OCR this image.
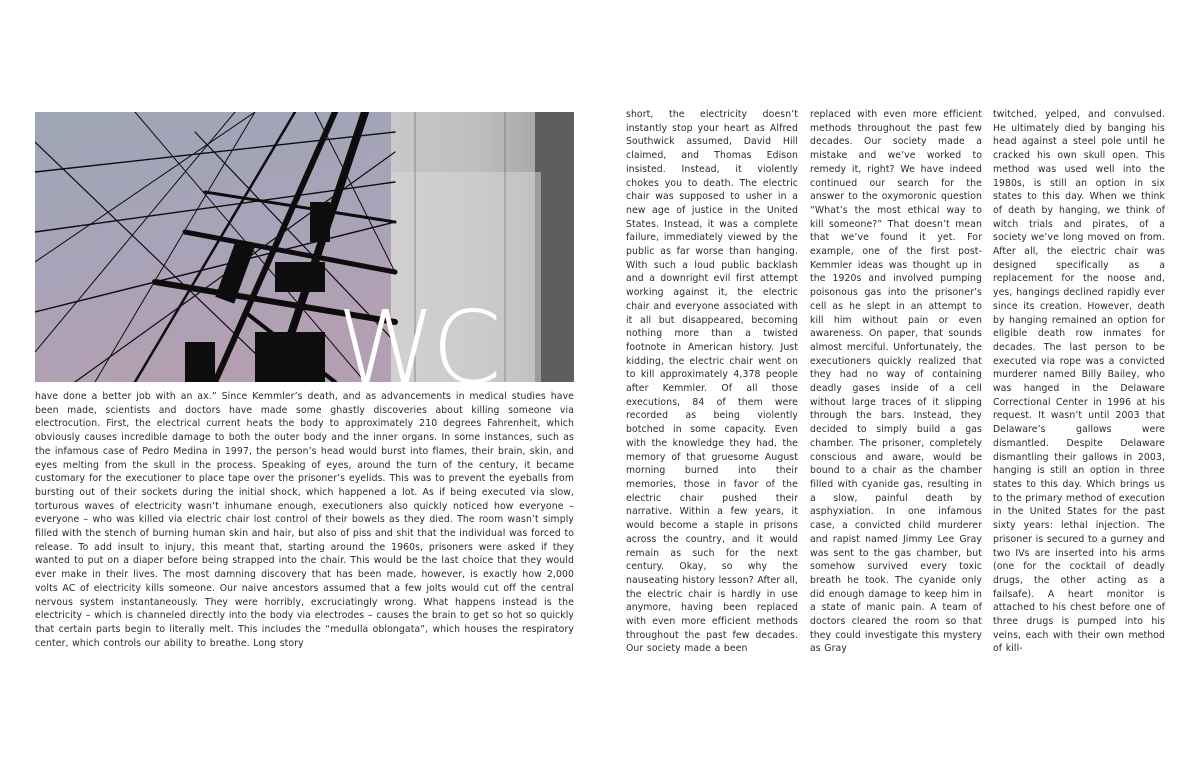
WC
have done a better job with an ax.” Since Kemmler’s death, and as advancements in medical studies have been made, scientists and doctors have made some ghastly discoveries about killing someone via electrocution. First, the electrical current heats the body to approximately 210 degrees Fahrenheit, which obviously causes incredible damage to both the outer body and the inner organs. In some instances, such as the infamous case of Pedro Medina in 1997, the person’s head would burst into flames, their brain, skin, and eyes melting from the skull in the process. Speaking of eyes, around the turn of the century, it became customary for the executioner to place tape over the prisoner’s eyelids. This was to prevent the eyeballs from bursting out of their sockets during the initial shock, which happened a lot. As if being executed via slow, torturous waves of electricity wasn’t inhumane enough, executioners also quickly noticed how everyone – everyone – who was killed via electric chair lost control of their bowels as they died. The room wasn’t simply filled with the stench of burning human skin and hair, but also of piss and shit that the individual was forced to release. To add insult to injury, this meant that, starting around the 1960s, prisoners were asked if they wanted to put on a diaper before being strapped into the chair. This would be the last choice that they would ever make in their lives. The most damning discovery that has been made, however, is exactly how 2,000 volts AC of electricity kills someone. Our naive ancestors assumed that a few jolts would cut off the central nervous system instantaneously. They were horribly, excruciatingly wrong. What happens instead is the electricity – which is channeled directly into the body via electrodes – causes the brain to get so hot so quickly that certain parts begin to literally melt. This includes the “medulla oblongata”, which houses the respiratory center, which controls our ability to breathe. Long story
short, the electricity doesn’t instantly stop your heart as Alfred Southwick assumed, David Hill claimed, and Thomas Edison insisted. Instead, it violently chokes you to death. The electric chair was supposed to usher in a new age of justice in the United States. Instead, it was a complete failure, immediately viewed by the public as far worse than hanging. With such a loud public backlash and a downright evil first attempt working against it, the electric chair and everyone associated with it all but disappeared, becoming nothing more than a twisted footnote in American history. Just kidding, the electric chair went on to kill approximately 4,378 people after Kemmler. Of all those executions, 84 of them were recorded as being violently botched in some capacity. Even with the knowledge they had, the memory of that gruesome August morning burned into their memories, those in favor of the electric chair pushed their narrative. Within a few years, it would become a staple in prisons across the country, and it would remain as such for the next century. Okay, so why the nauseating history lesson? After all, the electric chair is hardly in use anymore, having been replaced with even more efficient methods throughout the past few decades. Our society made a been
replaced with even more efficient methods throughout the past few decades. Our society made a mistake and we’ve worked to remedy it, right? We have indeed continued our search for the answer to the oxymoronic question “What’s the most ethical way to kill someone?” That doesn’t mean that we’ve found it yet. For example, one of the first post-Kemmler ideas was thought up in the 1920s and involved pumping poisonous gas into the prisoner’s cell as he slept in an attempt to kill him without pain or even awareness. On paper, that sounds almost merciful. Unfortunately, the executioners quickly realized that they had no way of containing deadly gases inside of a cell without large traces of it slipping through the bars. Instead, they decided to simply build a gas chamber. The prisoner, completely conscious and aware, would be bound to a chair as the chamber filled with cyanide gas, resulting in a slow, painful death by asphyxiation. In one infamous case, a convicted child murderer and rapist named Jimmy Lee Gray was sent to the gas chamber, but somehow survived every toxic breath he took. The cyanide only did enough damage to keep him in a state of manic pain. A team of doctors cleared the room so that they could investigate this mystery as Gray
twitched, yelped, and convulsed. He ultimately died by banging his head against a steel pole until he cracked his own skull open. This method was used well into the 1980s, is still an option in six states to this day. When we think of death by hanging, we think of witch trials and pirates, of a society we’ve long moved on from. After all, the electric chair was designed specifically as a replacement for the noose and, yes, hangings declined rapidly ever since its creation. However, death by hanging remained an option for eligible death row inmates for decades. The last person to be executed via rope was a convicted murderer named Billy Bailey, who was hanged in the Delaware Correctional Center in 1996 at his request. It wasn’t until 2003 that Delaware’s gallows were dismantled. Despite Delaware dismantling their gallows in 2003, hanging is still an option in three states to this day. Which brings us to the primary method of execution in the United States for the past sixty years: lethal injection. The prisoner is secured to a gurney and two IVs are inserted into his arms (one for the cocktail of deadly drugs, the other acting as a failsafe). A heart monitor is attached to his chest before one of three drugs is pumped into his veins, each with their own method of kill-
